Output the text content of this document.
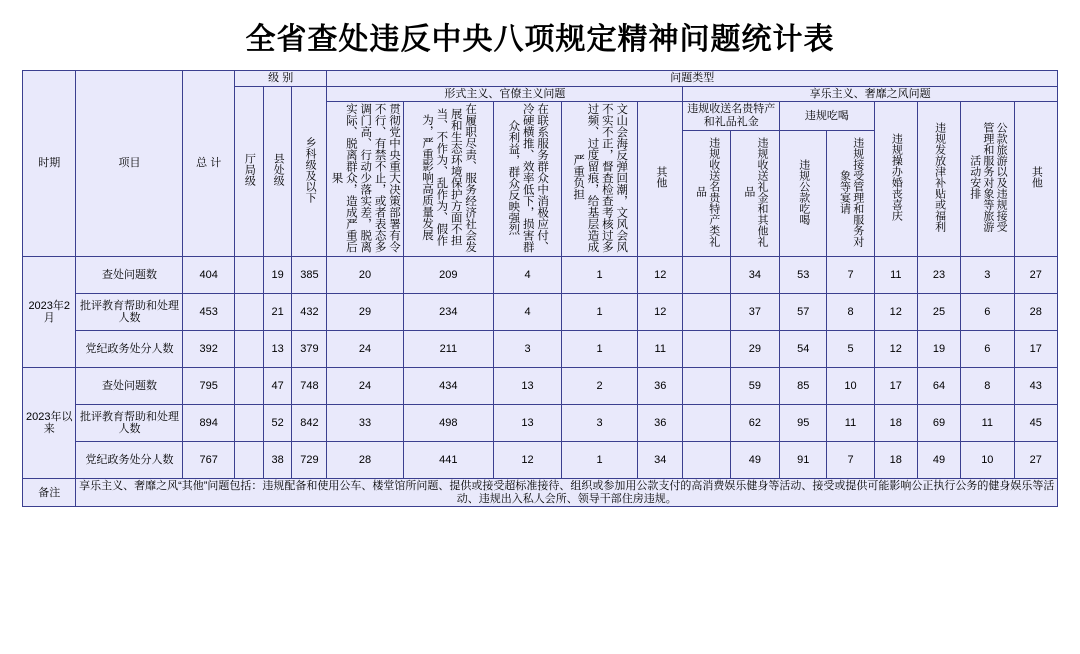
全省查处违反中央八项规定精神问题统计表
时期	项目	总 计	级 别			问题类型												
			厅局级	县处级	乡科级及以下	形式主义、官僚主义问题					享乐主义、奢靡之风问题							
						贯彻党中央重大决策部署有令不行、有禁不止，或者表态多调门高、行动少落实差，脱离实际、脱离群众，造成严重后果	在履职尽责、服务经济社会发展和生态环境保护方面不担当、不作为、乱作为、假作为，严重影响高质量发展	在联系服务群众中消极应付、冷硬横推、效率低下，损害群众利益，群众反映强烈	文山会海反弹回潮，文风会风不实不正，督查检查考核过多过频、过度留痕，给基层造成严重负担	其他	违规收送名贵特产和礼品礼金		违规吃喝		违规操办婚丧喜庆	违规发放津补贴或福利	公款旅游以及违规接受管理和服务对象等旅游活动安排	其他
											违规收送名贵特产类礼品	违规收送礼金和其他礼品	违规公款吃喝	违规接受管理和服务对象等宴请				
2023年2月	查处问题数	404		19	385	20	209	4	1	12		34	53	7	11	23	3	27
	批评教育帮助和处理人数	453		21	432	29	234	4	1	12		37	57	8	12	25	6	28
	党纪政务处分人数	392		13	379	24	211	3	1	11		29	54	5	12	19	6	17
2023年以来	查处问题数	795		47	748	24	434	13	2	36		59	85	10	17	64	8	43
	批评教育帮助和处理人数	894		52	842	33	498	13	3	36		62	95	11	18	69	11	45
	党纪政务处分人数	767		38	729	28	441	12	1	34		49	91	7	18	49	10	27
备注	享乐主义、奢靡之风“其他”问题包括：违规配备和使用公车、楼堂馆所问题、提供或接受超标准接待、组织或参加用公款支付的高消费娱乐健身等活动、接受或提供可能影响公正执行公务的健身娱乐等活动、违规出入私人会所、领导干部住房违规。																	
